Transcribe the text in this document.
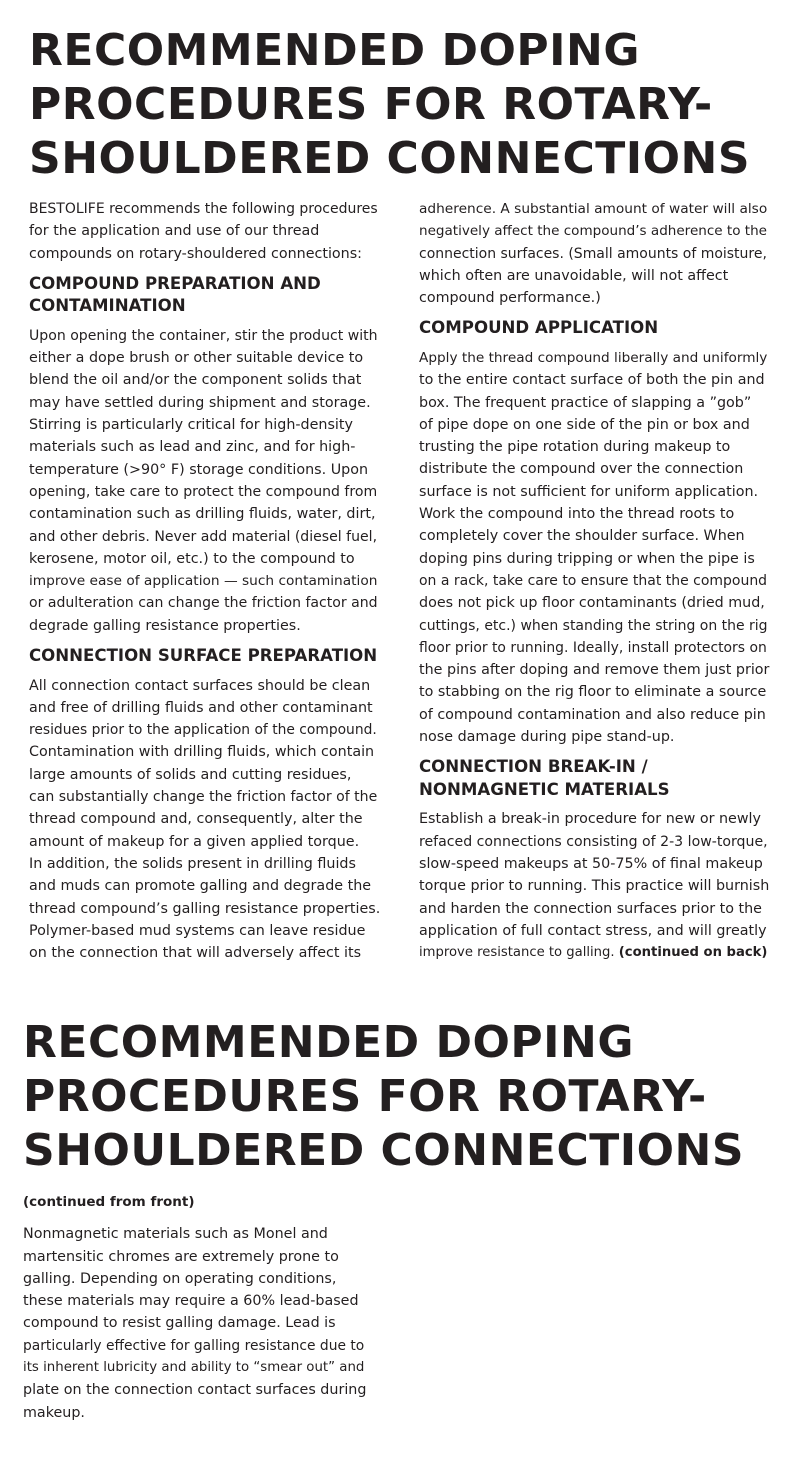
RECOMMENDED DOPING
PROCEDURES FOR ROTARY-
SHOULDERED CONNECTIONS

BESTOLIFE recommends the following procedures
for the application and use of our thread
compounds on rotary-shouldered connections:

COMPOUND PREPARATION AND
CONTAMINATION

Upon opening the container, stir the product with
either a dope brush or other suitable device to
blend the oil and/or the component solids that
may have settled during shipment and storage.
Stirring is particularly critical for high-density
materials such as lead and zinc, and for high-
temperature (>90° F) storage conditions. Upon
opening, take care to protect the compound from
contamination such as drilling fluids, water, dirt,
and other debris. Never add material (diesel fuel,
kerosene, motor oil, etc.) to the compound to
improve ease of application — such contamination
or adulteration can change the friction factor and
degrade galling resistance properties.

CONNECTION SURFACE PREPARATION

All connection contact surfaces should be clean
and free of drilling fluids and other contaminant
residues prior to the application of the compound.
Contamination with drilling fluids, which contain
large amounts of solids and cutting residues,
can substantially change the friction factor of the
thread compound and, consequently, alter the
amount of makeup for a given applied torque.
In addition, the solids present in drilling fluids
and muds can promote galling and degrade the
thread compound’s galling resistance properties.
Polymer-based mud systems can leave residue
on the connection that will adversely affect its

adherence. A substantial amount of water will also
negatively affect the compound’s adherence to the
connection surfaces. (Small amounts of moisture,
which often are unavoidable, will not affect
compound performance.)

COMPOUND APPLICATION

Apply the thread compound liberally and uniformly
to the entire contact surface of both the pin and
box. The frequent practice of slapping a ”gob”
of pipe dope on one side of the pin or box and
trusting the pipe rotation during makeup to
distribute the compound over the connection
surface is not sufficient for uniform application.
Work the compound into the thread roots to
completely cover the shoulder surface. When
doping pins during tripping or when the pipe is
on a rack, take care to ensure that the compound
does not pick up floor contaminants (dried mud,
cuttings, etc.) when standing the string on the rig
floor prior to running. Ideally, install protectors on
the pins after doping and remove them just prior
to stabbing on the rig floor to eliminate a source
of compound contamination and also reduce pin
nose damage during pipe stand-up.

CONNECTION BREAK-IN /
NONMAGNETIC MATERIALS

Establish a break-in procedure for new or newly
refaced connections consisting of 2-3 low-torque,
slow-speed makeups at 50-75% of final makeup
torque prior to running. This practice will burnish
and harden the connection surfaces prior to the
application of full contact stress, and will greatly
improve resistance to galling. (continued on back)

RECOMMENDED DOPING
PROCEDURES FOR ROTARY-
SHOULDERED CONNECTIONS

(continued from front)

Nonmagnetic materials such as Monel and
martensitic chromes are extremely prone to
galling. Depending on operating conditions,
these materials may require a 60% lead-based
compound to resist galling damage. Lead is
particularly effective for galling resistance due to
its inherent lubricity and ability to “smear out” and
plate on the connection contact surfaces during
makeup.
